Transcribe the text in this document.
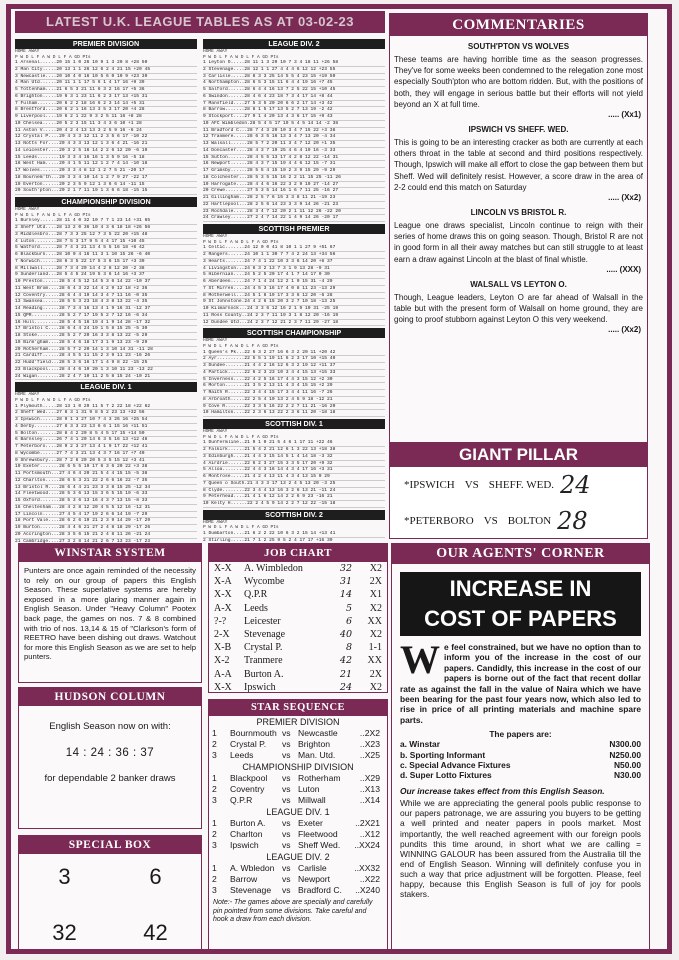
LATEST U.K. LEAGUE TABLES AS AT 03-02-23
PREMIER DIVISION
HOME AWAY
P W D L F A W D L F A GD Pts
1 Arsenal......20 15 1 0 26 10 9 1 3 20 8 +28 50
2 Man City.....20 13 1 1 26 12 6 2 4 21 15 +20 45
3 Newcastle....20 10 4 0 16 10 5 6 0 10 9 +23 39
4 Man Utd......20 11 1 1 17 5 6 1 4 17 16 +9 39
5 Tottenham....21 6 5 3 21 11 6 3 2 16 17 +5 36
6 Brighton.....19 6 3 1 23 11 6 2 3 17 13 +15 31
7 Fulham.......20 6 2 2 18 16 6 2 3 14 14 +5 31
8 Brentford....20 6 2 1 16 13 3 5 3 17 20 +4 28
9 Liverpool....19 6 2 1 22 9 3 2 5 11 16 +8 28
10 Chelsea.....20 5 2 3 15 11 3 4 3 6 10 +1 28
11 Aston V.....20 4 2 4 13 13 3 2 5 9 16 -6 24
12 Crystal P....20 4 3 3 12 11 2 3 5 6 17 -10 22
13 Notts For....20 4 3 3 13 12 1 3 6 4 21 -16 21
14 Leicester....20 3 2 5 16 14 2 2 6 12 20 -6 19
15 Leeds........19 3 3 4 16 16 1 3 5 9 16 -5 18
16 West Ham.....20 4 1 5 11 12 1 2 7 4 14 -10 18
17 Wolves.......20 3 3 4 8 12 1 2 7 5 21 -20 17
18 Bournem'th...20 3 3 4 10 14 1 2 7 9 27 -22 17
19 Everton......20 2 3 5 9 12 1 3 6 6 14 -11 15
20 South'pton...20 2 1 7 11 19 1 3 6 6 18 -15 15
CHAMPIONSHIP DIVISION
HOME AWAY
P W D L F A W D L F A GD Pts
1 Burnley......28 11 4 0 32 10 7 7 1 23 14 +31 65
2 Sheff Utd....28 13 2 0 36 10 4 3 6 18 18 +26 56
3 Middlesbro...28 7 3 3 25 12 7 3 5 22 20 +15 48
4 Luton........28 7 5 3 17 9 5 4 4 17 15 +10 45
5 Watford......28 7 4 3 21 13 4 5 5 16 18 +6 42
6 Blackburn....28 10 0 4 16 11 3 1 10 15 26 -6 40
7 Norwich......28 6 3 5 22 17 5 3 6 15 17 +3 39
8 Millwall.....28 7 3 4 20 14 4 2 8 12 20 -2 38
9 Sunderland...28 5 4 5 24 19 5 3 6 14 16 +3 37
10 Preston......28 5 4 5 12 14 5 3 6 14 22 -10 37
11 West Brom....28 6 4 3 22 14 4 2 9 12 18 +2 36
12 Coventry.....28 6 4 4 19 14 3 4 7 11 16 -0 35
13 Swansea......28 5 5 3 23 18 4 3 8 13 22 -4 35
14 Reading......28 7 3 4 16 13 4 1 9 16 31 -12 37
15 QPR..........28 5 2 7 17 19 5 2 7 12 16 -6 34
16 Hull.........28 5 4 5 16 19 4 1 9 14 28 -17 32
17 Bristol C....28 6 4 4 24 19 1 5 8 15 25 -5 30
18 Stoke........28 5 2 7 20 16 3 3 8 13 22 -5 29
19 Birm'gham....28 5 4 6 18 17 3 1 9 13 23 -9 29
20 Rotherham....28 5 7 2 20 14 1 3 10 14 31 -11 28
21 Cardiff......28 4 5 5 11 15 2 3 9 11 23 -16 26
22 Hudd'field...28 5 3 6 16 17 1 4 9 8 22 -15 25
23 Blackpool....28 4 4 6 19 20 1 3 10 11 23 -13 22
24 Wigan........28 2 4 7 10 11 2 5 8 15 24 -10 21
LEAGUE DIV. 1
HOME AWAY
P W D L F A W D L F A GD Pts
1 Plymouth.....28 13 1 0 29 11 5 7 2 22 18 +22 62
2 Sheff Wed....27 8 3 1 31 9 8 5 2 23 13 +32 56
3 Ipswich......28 9 1 3 27 10 7 4 3 26 16 +25 54
4 Derby........27 8 3 3 23 13 6 6 1 15 16 +11 51
5 Bolton.......28 8 4 2 20 8 5 4 5 17 15 +14 50
6 Barnsley.....26 7 4 1 20 14 6 3 5 16 13 +12 46
7 Peterboro....28 9 2 3 27 13 4 1 9 17 22 +12 41
8 Wycombe......27 7 4 3 21 13 4 3 7 16 17 +7 40
9 Shrewsbury...28 7 2 6 20 20 5 3 5 15 12 +3 41
10 Exeter.......28 6 5 5 19 17 6 3 6 20 22 +3 38
11 Portsmouth...27 4 6 4 20 21 5 4 4 15 15 -5 38
12 Charlton.....28 6 5 3 21 22 2 6 6 16 22 -7 35
13 Bristol R....28 6 4 4 21 23 3 3 8 15 25 -12 34
14 Fleetwood....28 5 3 6 13 15 3 6 5 15 19 -6 33
15 Oxford.......28 5 3 6 13 16 4 3 7 13 15 -8 33
16 Cheltenham...28 4 2 8 12 20 4 5 5 12 16 -12 31
17 Lincoln......27 4 5 4 17 19 2 6 6 14 19 -7 29
18 Port Vale....28 6 2 6 19 21 2 3 9 14 29 -17 29
19 Burton.......28 4 4 6 21 27 2 4 8 18 29 -17 26
20 Accrington...28 3 5 6 15 21 2 4 8 11 26 -21 24
21 Cambridge....27 3 2 8 14 21 2 6 7 13 23 -17 23
LEAGUE DIV. 2
HOME AWAY
P W D L F A W D L F A GD Pts
1 Leyton O.....28 11 1 3 29 10 7 3 4 18 11 +26 58
2 Stevenage....28 12 1 1 27 4 4 4 6 12 12 +23 55
3 Carlisle.....28 8 3 3 25 14 5 5 4 23 15 +19 50
4 Northampton..28 6 5 3 15 11 6 4 4 19 16 +7 45
5 Salford......28 6 4 4 16 13 7 2 5 22 15 +10 45
6 Swindon......28 4 6 4 23 18 7 3 4 17 14 +8 44
7 Mansfield....27 5 3 5 20 20 6 6 2 17 14 +3 42
8 Barrow.......28 8 1 5 17 13 5 2 7 13 19 -2 42
9 Stockport....27 9 1 4 20 13 4 3 6 17 15 +9 43
10 AFC Wimbledon.28 5 4 5 17 19 5 4 5 14 14 -2 38
11 Bradford C...28 7 4 3 20 10 3 4 7 15 22 +3 38
12 Tranmere.....28 6 3 5 16 13 3 4 7 13 20 -4 34
13 Walsall......28 5 7 2 20 11 3 4 7 12 20 +1 35
14 Doncaster....28 4 3 7 19 25 4 6 4 19 16 -3 33
15 Sutton.......28 4 5 5 13 17 4 2 8 12 22 -14 31
16 Newport......28 4 3 7 15 19 4 4 6 12 15 -7 31
17 Grimsby......28 5 5 4 15 10 2 3 9 15 29 -9 29
18 Colchester...28 5 3 5 15 16 2 2 11 15 25 -11 26
19 Harrogate....28 4 4 6 16 22 3 2 9 19 27 -14 27
20 Crewe........27 5 3 5 14 16 1 6 7 11 25 -16 27
21 Gillingham...28 2 5 7 6 15 3 3 8 11 21 -19 23
22 Hartlepool...28 2 5 6 14 23 3 3 9 14 26 -21 23
23 Rochdale.....28 3 4 7 12 20 2 1 11 12 26 -22 20
24 Crawley......27 2 4 7 14 22 1 4 9 14 26 -20 17
SCOTTISH PREMIER
HOME AWAY
P W D L F A W D L F A GD Pts
1 Celtic.......24 12 0 0 41 8 10 1 1 27 9 +51 67
2 Rangers......24 10 1 1 30 7 7 4 2 24 13 +34 56
3 Hearts.......24 7 4 1 22 10 3 3 6 14 20 +6 37
4 Livingston...24 6 3 2 13 7 3 1 9 13 28 -9 31
5 Hibernian....24 5 2 5 20 17 4 1 7 14 17 0 30
6 Aberdeen.....24 7 1 4 24 12 2 1 9 15 31 -4 29
7 St Mirren....24 4 5 3 16 17 4 0 8 11 23 -13 29
8 Motherwell...24 5 1 6 19 17 3 3 6 12 20 -6 28
9 St Johnstone.24 4 2 6 15 20 3 2 7 10 18 -13 25
10 Kilmarnock...24 3 3 6 12 16 2 1 9 10 31 -25 19
11 Ross County..24 2 3 7 11 19 3 1 8 12 20 -16 19
12 Dundee Utd...24 2 3 7 12 21 2 3 7 11 29 -27 18
SCOTTISH CHAMPIONSHIP
HOME AWAY
P W D L F A W D L F A GD Pts
1 Queen's Pk...22 6 3 2 27 16 6 3 2 20 11 +20 42
2 Ayr..........22 5 5 1 19 11 6 2 3 17 10 +15 40
3 Dundee.......21 4 4 2 16 12 6 3 2 19 12 +11 37
4 Partick......22 6 2 3 23 10 3 4 4 15 13 +15 33
5 Inverness....22 4 2 5 16 17 4 4 3 15 12 +2 30
6 Morton.......21 3 5 2 13 11 4 3 4 15 15 +2 29
7 Raith R......22 3 4 4 15 17 3 4 4 11 16 -7 26
8 Arbroath.....22 2 5 4 10 13 2 4 5 9 18 -12 21
9 Cove R.......22 3 3 5 16 22 2 2 7 11 21 -16 20
10 Hamilton....22 2 3 6 13 22 2 3 6 11 20 -18 18
SCOTTISH DIV. 1
HOME AWAY
P W D L F A W D L F A GD Pts
1 Dunfermline..21 9 1 0 21 5 4 6 1 17 11 +22 46
2 Falkirk......21 5 4 2 21 12 6 1 3 22 13 +18 38
3 Edinburgh....21 4 4 3 15 14 5 1 4 14 18 -3 32
4 Airdrie......22 6 2 3 27 15 3 3 5 17 20 +9 32
5 Alloa........22 4 4 3 16 14 4 3 4 17 16 +3 31
6 Montrose.....21 4 2 4 13 11 4 3 4 13 15 0 29
7 Queen o South.21 4 3 3 17 13 2 4 5 13 20 -3 25
8 Clyde........22 3 4 4 13 16 3 2 6 13 21 -11 24
9 Peterhead....21 4 1 6 12 14 2 2 6 9 23 -16 21
10 Kelty H......22 2 4 5 9 14 2 2 7 12 22 -15 18
SCOTTISH DIV. 2
HOME AWAY
P W D L F A W D L F A GD Pts
1 Dumbarton....21 6 2 2 22 10 6 3 2 15 14 +13 41
2 Stirling.....21 7 1 2 25 9 5 2 4 17 17 +16 39
COMMENTARIES
SOUTH'PTON VS WOLVES
These teams are having horrible time as the season progresses. They've for some weeks been condemned to the relegation zone most especially South'pton who are bottom ridden. But, with the positions of both, they will engage in serious battle but their efforts will not yield beyond an X at full time.
..... (Xx1)
IPSWICH VS SHEFF. WED.
This is going to be an interesting cracker as both are currently at each others throat in the table at second and third positions respectively. Though, Ipswich will make all effort to close the gap between them but Sheff. Wed will definitely resist. However, a score draw in the area of 2-2 could end this match on Saturday
..... (Xx2)
LINCOLN VS BRISTOL R.
League one draws specialist, Lincoln continue to reign with their series of home draws this on going season. Though, Bristol R are not in good form in all their away matches but can still struggle to at least earn a draw against Lincoln at the blast of final whistle.
..... (XXX)
WALSALL VS LEYTON O.
Though, League leaders, Leyton O are far ahead of Walsall in the table but with the present form of Walsall on home ground, they are going to proof stubborn against Leyton O this very weekend.
..... (Xx2)
GIANT PILLAR
*IPSWICH VS SHEFF. WED. 24
*PETERBORO VS BOLTON 28
WINSTAR SYSTEM
Punters are once again reminded of the necessity to rely on our group of papers this English Season. These superlative systems are hereby exposed in a more glaring manner again in English Season. Under "Heavy Column" Pootex back page, the games on nos. 7 & 8 combined with trio of nos. 13,14 & 15 of "Clarkson's form of REETRO have been dishing out draws. Watchout for more this English Season as we are set to help punters.
HUDSON COLUMN
English Season now on with:
14 : 24 : 36 : 37
for dependable 2 banker draws
SPECIAL BOX
3	6
32	42
JOB CHART
X-X	A. Wimbledon	32	X2
X-A	Wycombe	31	2X
X-X	Q.P.R	14	X1
A-X	Leeds	5	X2
?-?	Leicester	6	XX
2-X	Stevenage	40	X2
X-B	Crystal P.	8	1-1
X-2	Tranmere	42	XX
A-A	Burton A.	21	2X
X-X	Ipswich	24	X2
STAR SEQUENCE
PREMIER DIVISION
1	Bournmouth vs Newcastle	..2X2
2	Crystal P.	vs Brighton	..X23
3	Leeds	vs Man. Utd.	..X25
CHAMPIONSHIP DIVISION
1	Blackpool	vs Rotherham	..X29
2	Coventry	vs Luton	..X13
3	Q.P.R	vs Millwall	..X14
LEAGUE DIV. 1
1	Burton A.	vs Exeter	..2X21
2	Charlton	vs Fleetwood	..X12
3	Ipswich	vs Sheff Wed.	..XX24
LEAGUE DIV. 2
1	A. Wbledon vs Carlisle	..XX32
2	Barrow	vs Newport	..X22
3	Stevenage	vs Bradford C.	..X240
Note:- The games above are specially and carefully pin pointed from some divisions. Take careful and hook a draw from each division.
OUR AGENTS' CORNER
INCREASE IN
COST OF PAPERS
W e feel constrained, but we have no option than to inform you of the increase in the cost of our papers. Candidly, this increase in the cost of our papers is borne out of the fact that recent dollar rate as against the fall in the value of Naira which we have been bearing for the past four years now, which also led to rise in price of all printing materials and machine spare parts.
The papers are:
a. Winstar	N300.00
b. Sporting Informant	N250.00
c. Special Advance Fixtures	N50.00
d. Super Lotto Fixtures	N30.00
Our increase takes effect from this English Season.
While we are appreciating the general pools public response to our papers patronage, we are assuring you buyers to be getting a well printed and neater papers in pools market. Most importantly, the well reached agreement with our foreign pools pundits this time around, in short what we are calling = WINNING GALOUR has been assured from the Australia till the end of English Season. Winning will definitely confuse you in such a way that price adjustment will be forgotten. Please, feel happy, because this English Season is full of joy for pools stakers.
